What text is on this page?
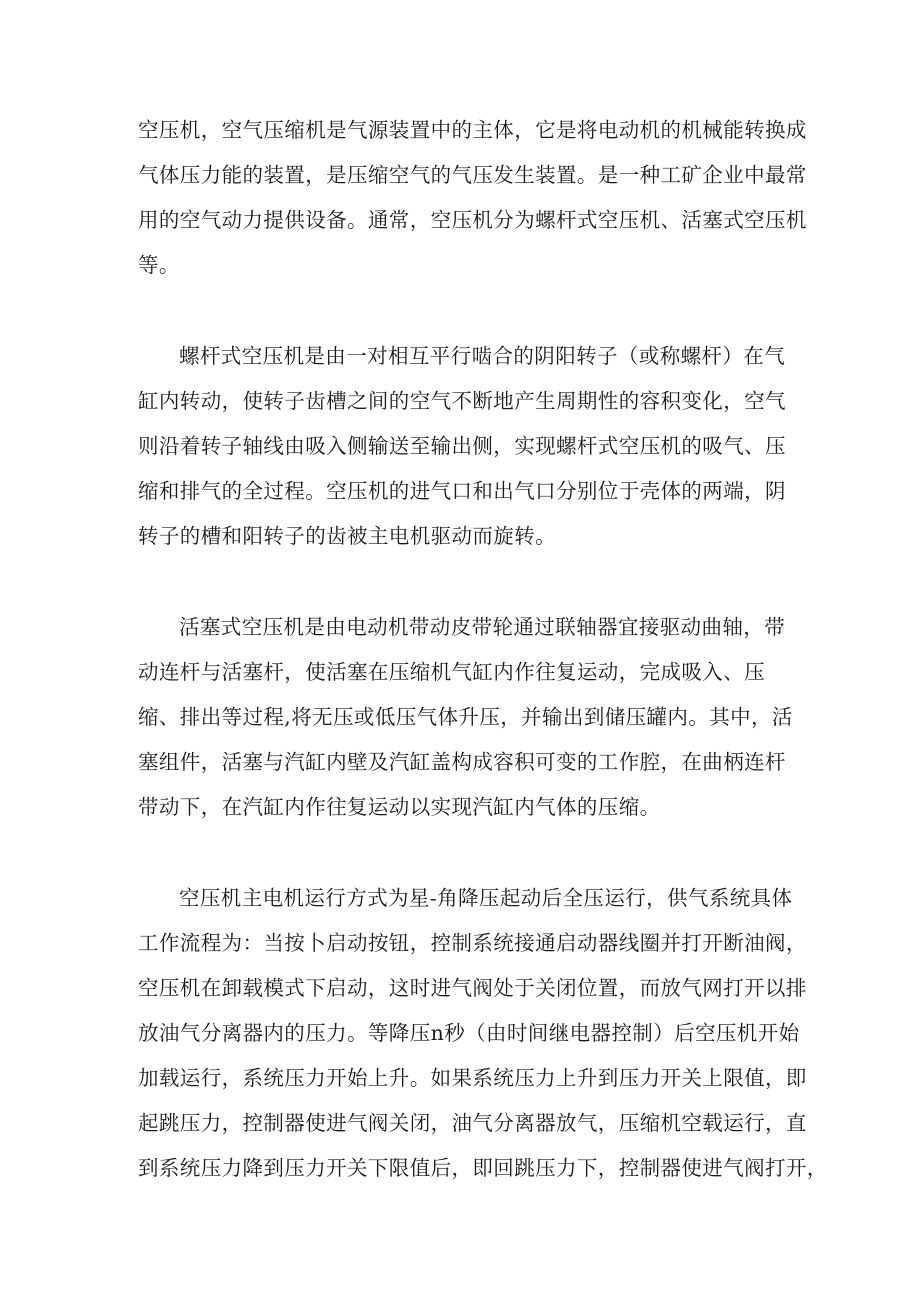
空压机，空气压缩机是气源装置中的主体，它是将电动机的机械能转换成
气体压力能的装置，是压缩空气的气压发生装置。是一种工矿企业中最常
用的空气动力提供设备。通常，空压机分为螺杆式空压机、活塞式空压机
等。

螺杆式空压机是由一对相互平行啮合的阴阳转子（或称螺杆）在气
缸内转动，使转子齿槽之间的空气不断地产生周期性的容积变化，空气
则沿着转子轴线由吸入侧输送至输出侧，实现螺杆式空压机的吸气、压
缩和排气的全过程。空压机的进气口和出气口分别位于壳体的两端，阴
转子的槽和阳转子的齿被主电机驱动而旋转。

活塞式空压机是由电动机带动皮带轮通过联轴器宜接驱动曲轴，带
动连杆与活塞杆，使活塞在压缩机气缸内作往复运动，完成吸入、压
缩、排出等过程,将无压或低压气体升压，并输出到储压罐内。其中，活
塞组件，活塞与汽缸内壁及汽缸盖构成容积可变的工作腔，在曲柄连杆
带动下，在汽缸内作往复运动以实现汽缸内气体的压缩。

空压机主电机运行方式为星-角降压起动后全压运行，供气系统具体
工作流程为：当按卜启动按钮，控制系统接通启动器线圈并打开断油阀，
空压机在卸载模式下启动，这时进气阀处于关闭位置，而放气网打开以排
放油气分离器内的压力。等降压n秒（由时间继电器控制）后空压机开始
加载运行，系统压力开始上升。如果系统压力上升到压力开关上限值，即
起跳压力，控制器使进气阀关闭，油气分离器放气，压缩机空载运行，直
到系统压力降到压力开关下限值后，即回跳压力下，控制器使进气阀打开，
